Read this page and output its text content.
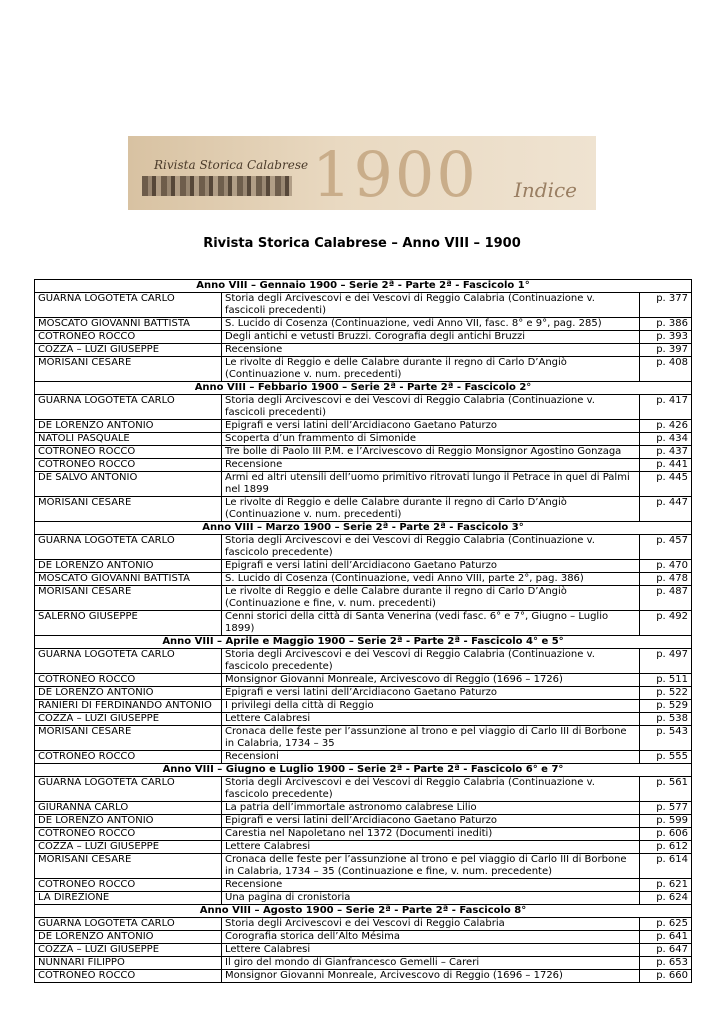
Rivista Storica Calabrese 1900 Indice
Rivista Storica Calabrese – Anno VIII – 1900
Anno VIII – Gennaio 1900 – Serie 2ª - Parte 2ª - Fascicolo 1°		
GUARNA LOGOTETA CARLO	Storia degli Arcivescovi e dei Vescovi di Reggio Calabria (Continuazione v. fascicoli precedenti)	p. 377
MOSCATO GIOVANNI BATTISTA	S. Lucido di Cosenza (Continuazione, vedi Anno VII, fasc. 8° e 9°, pag. 285)	p. 386
COTRONEO ROCCO	Degli antichi e vetusti Bruzzi. Corografia degli antichi Bruzzi	p. 393
COZZA – LUZI GIUSEPPE	Recensione	p. 397
MORISANI CESARE	Le rivolte di Reggio e delle Calabre durante il regno di Carlo D’Angiò (Continuazione v. num. precedenti)	p. 408
Anno VIII – Febbario 1900 – Serie 2ª - Parte 2ª - Fascicolo 2°		
GUARNA LOGOTETA CARLO	Storia degli Arcivescovi e dei Vescovi di Reggio Calabria (Continuazione v. fascicoli precedenti)	p. 417
DE LORENZO ANTONIO	Epigrafi e versi latini dell’Arcidiacono Gaetano Paturzo	p. 426
NATOLI PASQUALE	Scoperta d’un frammento di Simonide	p. 434
COTRONEO ROCCO	Tre bolle di Paolo III P.M. e l’Arcivescovo di Reggio Monsignor Agostino Gonzaga	p. 437
COTRONEO ROCCO	Recensione	p. 441
DE SALVO ANTONIO	Armi ed altri utensili dell’uomo primitivo ritrovati lungo il Petrace in quel di Palmi nel 1899	p. 445
MORISANI CESARE	Le rivolte di Reggio e delle Calabre durante il regno di Carlo D’Angiò (Continuazione v. num. precedenti)	p. 447
Anno VIII – Marzo 1900 – Serie 2ª - Parte 2ª - Fascicolo 3°		
GUARNA LOGOTETA CARLO	Storia degli Arcivescovi e dei Vescovi di Reggio Calabria (Continuazione v. fascicolo precedente)	p. 457
DE LORENZO ANTONIO	Epigrafi e versi latini dell’Arcidiacono Gaetano Paturzo	p. 470
MOSCATO GIOVANNI BATTISTA	S. Lucido di Cosenza (Continuazione, vedi Anno VIII, parte 2°, pag. 386)	p. 478
MORISANI CESARE	Le rivolte di Reggio e delle Calabre durante il regno di Carlo D’Angiò (Continuazione e fine, v. num. precedenti)	p. 487
SALERNO GIUSEPPE	Cenni storici della città di Santa Venerina (vedi fasc. 6° e 7°, Giugno – Luglio 1899)	p. 492
Anno VIII – Aprile e Maggio 1900 – Serie 2ª - Parte 2ª - Fascicolo 4° e 5°		
GUARNA LOGOTETA CARLO	Storia degli Arcivescovi e dei Vescovi di Reggio Calabria (Continuazione v. fascicolo precedente)	p. 497
COTRONEO ROCCO	Monsignor Giovanni Monreale, Arcivescovo di Reggio (1696 – 1726)	p. 511
DE LORENZO ANTONIO	Epigrafi e versi latini dell’Arcidiacono Gaetano Paturzo	p. 522
RANIERI DI FERDINANDO ANTONIO	I privilegi della città di Reggio	p. 529
COZZA – LUZI GIUSEPPE	Lettere Calabresi	p. 538
MORISANI CESARE	Cronaca delle feste per l’assunzione al trono e pel viaggio di Carlo III di Borbone in Calabria, 1734 – 35	p. 543
COTRONEO ROCCO	Recensioni	p. 555
Anno VIII – Giugno e Luglio 1900 – Serie 2ª - Parte 2ª - Fascicolo 6° e 7°		
GUARNA LOGOTETA CARLO	Storia degli Arcivescovi e dei Vescovi di Reggio Calabria (Continuazione v. fascicolo precedente)	p. 561
GIURANNA CARLO	La patria dell’immortale astronomo calabrese Lilio	p. 577
DE LORENZO ANTONIO	Epigrafi e versi latini dell’Arcidiacono Gaetano Paturzo	p. 599
COTRONEO ROCCO	Carestia nel Napoletano nel 1372 (Documenti inediti)	p. 606
COZZA – LUZI GIUSEPPE	Lettere Calabresi	p. 612
MORISANI CESARE	Cronaca delle feste per l’assunzione al trono e pel viaggio di Carlo III di Borbone in Calabria, 1734 – 35 (Continuazione e fine, v. num. precedente)	p. 614
COTRONEO ROCCO	Recensione	p. 621
LA DIREZIONE	Una pagina di cronistoria	p. 624
Anno VIII – Agosto 1900 – Serie 2ª - Parte 2ª - Fascicolo 8°		
GUARNA LOGOTETA CARLO	Storia degli Arcivescovi e dei Vescovi di Reggio Calabria	p. 625
DE LORENZO ANTONIO	Corografia storica dell’Alto Mésima	p. 641
COZZA – LUZI GIUSEPPE	Lettere Calabresi	p. 647
NUNNARI FILIPPO	Il giro del mondo di Gianfrancesco Gemelli – Careri	p. 653
COTRONEO ROCCO	Monsignor Giovanni Monreale, Arcivescovo di Reggio (1696 – 1726)	p. 660
